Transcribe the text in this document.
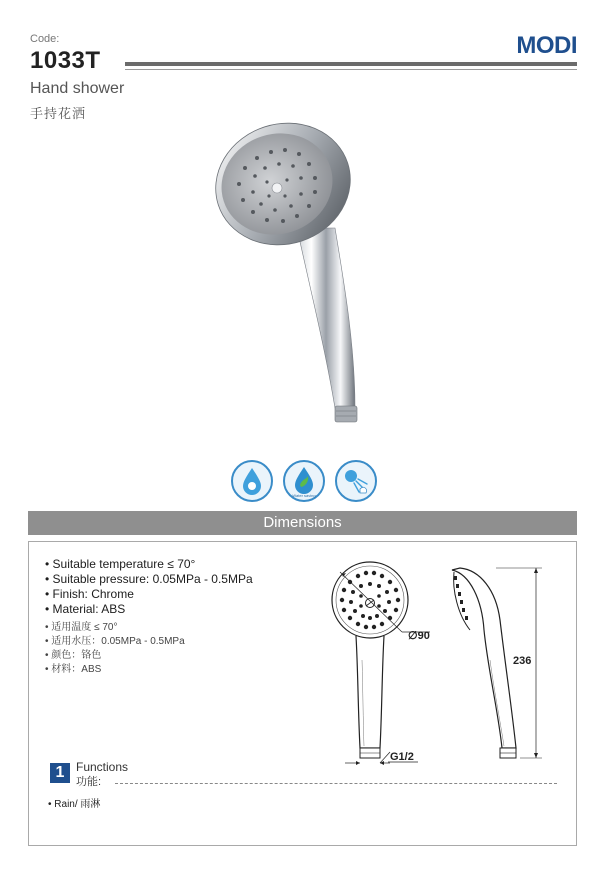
Code:
1033T
MODI
Hand shower
手持花洒
Water saving
Dimensions
• Suitable temperature ≤ 70°
• Suitable pressure: 0.05MPa - 0.5MPa
• Finish: Chrome
• Material: ABS
• 适用温度 ≤ 70°
• 适用水压：0.05MPa - 0.5MPa
• 颜色：铬色
• 材料：ABS
∅90
G1/2
236
1 Functions
功能:
• Rain/ 雨淋
